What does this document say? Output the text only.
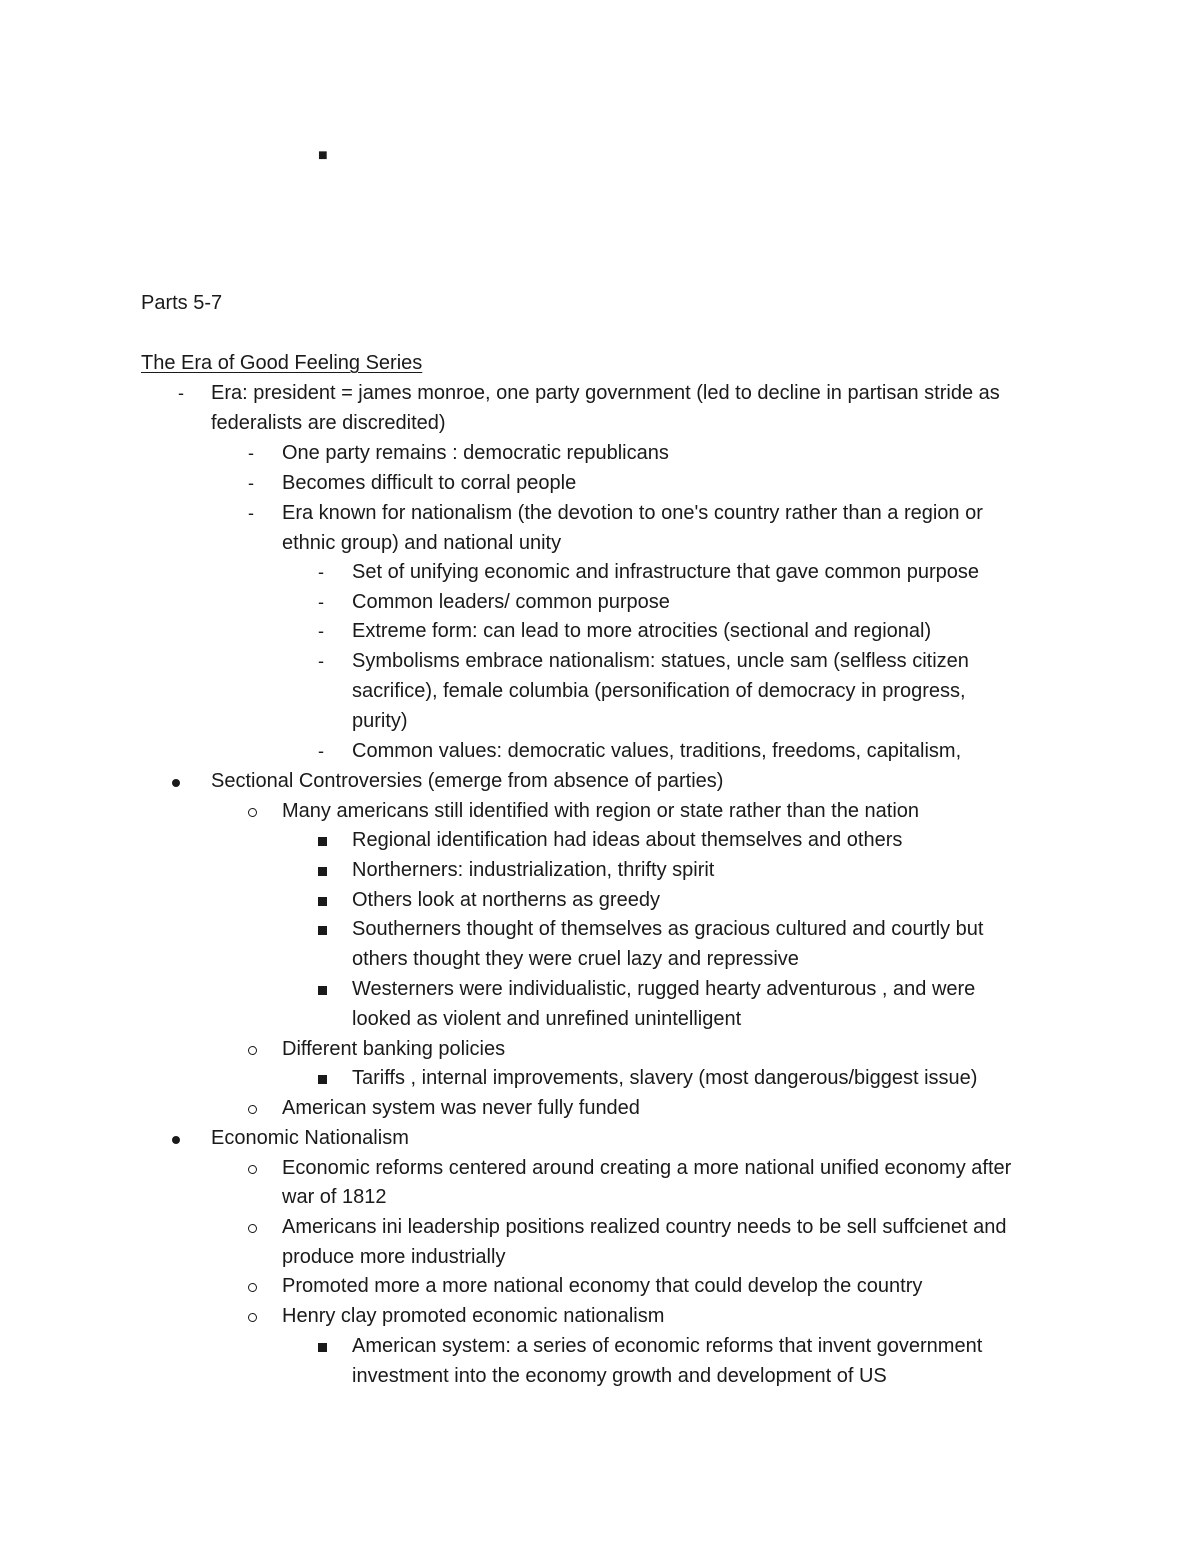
■
Parts 5-7
The Era of Good Feeling Series
- Era: president = james monroe, one party government (led to decline in partisan stride as
federalists are discredited)
- One party remains : democratic republicans
- Becomes difficult to corral people
- Era known for nationalism (the devotion to one's country rather than a region or
ethnic group) and national unity
- Set of unifying economic and infrastructure that gave common purpose
- Common leaders/ common purpose
- Extreme form: can lead to more atrocities (sectional and regional)
- Symbolisms embrace nationalism: statues, uncle sam (selfless citizen
sacrifice), female columbia (personification of democracy in progress,
purity)
- Common values: democratic values, traditions, freedoms, capitalism,
Sectional Controversies (emerge from absence of parties)
Many americans still identified with region or state rather than the nation
Regional identification had ideas about themselves and others
Northerners: industrialization, thrifty spirit
Others look at northerns as greedy
Southerners thought of themselves as gracious cultured and courtly but
others thought they were cruel lazy and repressive
Westerners were individualistic, rugged hearty adventurous , and were
looked as violent and unrefined unintelligent
Different banking policies
Tariffs , internal improvements, slavery (most dangerous/biggest issue)
American system was never fully funded
Economic Nationalism
Economic reforms centered around creating a more national unified economy after
war of 1812
Americans ini leadership positions realized country needs to be sell suffcienet and
produce more industrially
Promoted more a more national economy that could develop the country
Henry clay promoted economic nationalism
American system: a series of economic reforms that invent government
investment into the economy growth and development of US
